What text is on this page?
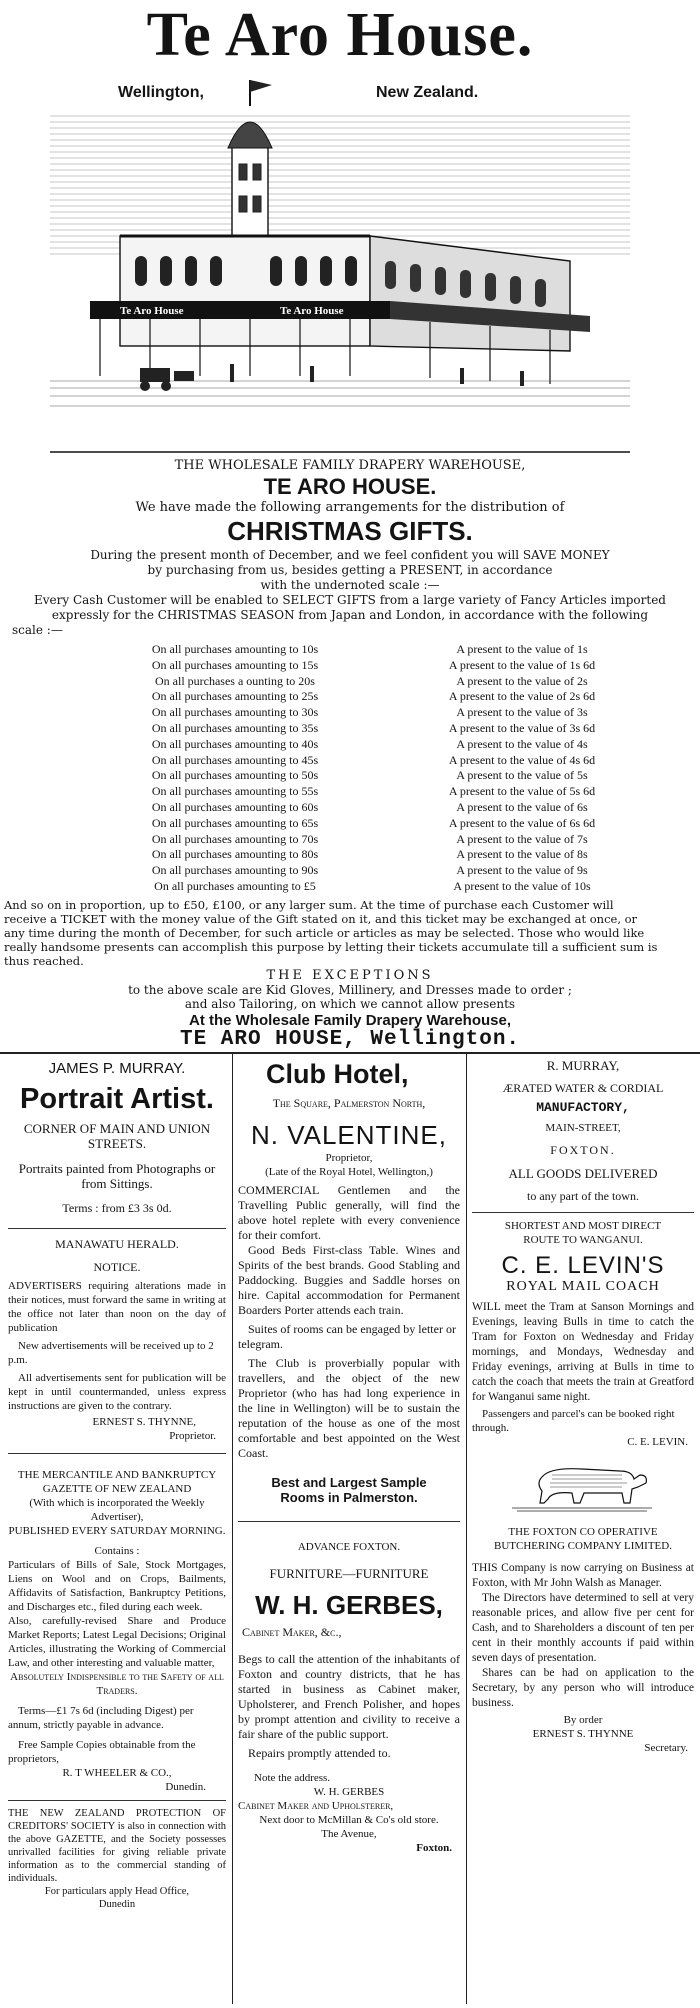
Te Aro House.
Te Aro House	Te Aro House
Wellington,	New Zealand.
THE WHOLESALE FAMILY DRAPERY WAREHOUSE,
TE ARO HOUSE.
We have made the following arrangements for the distribution of
CHRISTMAS GIFTS.
During the present month of December, and we feel confident you will SAVE MONEY
by purchasing from us, besides getting a PRESENT, in accordance
with the undernoted scale :—
Every Cash Customer will be enabled to SELECT GIFTS from a large variety of Fancy Articles imported
expressly for the CHRISTMAS SEASON from Japan and London, in accordance with the following
scale :—
On all purchases amounting to 10s	A present to the value of 1s
On all purchases amounting to 15s	A present to the value of 1s 6d
On all purchases a ounting to 20s	A present to the value of 2s
On all purchases amounting to 25s	A present to the value of 2s 6d
On all purchases amounting to 30s	A present to the value of 3s
On all purchases amounting to 35s	A present to the value of 3s 6d
On all purchases amounting to 40s	A present to the value of 4s
On all purchases amounting to 45s	A present to the value of 4s 6d
On all purchases amounting to 50s	A present to the value of 5s
On all purchases amounting to 55s	A present to the value of 5s 6d
On all purchases amounting to 60s	A present to the value of 6s
On all purchases amounting to 65s	A present to the value of 6s 6d
On all purchases amounting to 70s	A present to the value of 7s
On all purchases amounting to 80s	A present to the value of 8s
On all purchases amounting to 90s	A present to the value of 9s
On all purchases amounting to £5	A present to the value of 10s
And so on in proportion, up to £50, £100, or any larger sum. At the time of purchase each Customer will
receive a TICKET with the money value of the Gift stated on it, and this ticket may be exchanged at once, or
any time during the month of December, for such article or articles as may be selected. Those who would like
really handsome presents can accomplish this purpose by letting their tickets accumulate till a sufficient sum is
thus reached.
THE EXCEPTIONS
to the above scale are Kid Gloves, Millinery, and Dresses made to order ;
and also Tailoring, on which we cannot allow presents
At the Wholesale Family Drapery Warehouse,
TE ARO HOUSE, Wellington.
JAMES P. MURRAY.
Portrait Artist.
CORNER OF MAIN AND UNION STREETS.
Portraits painted from Photographs or from Sittings.
Terms : from £3 3s 0d.
MANAWATU HERALD.
NOTICE.
ADVERTISERS requiring alterations made in their notices, must forward the same in writing at the office not later than noon on the day of publication
New advertisements will be received up to 2 p.m.
All advertisements sent for publication will be kept in until countermanded, unless express instructions are given to the contrary.
ERNEST S. THYNNE,
Proprietor.
THE MERCANTILE AND BANKRUPTCY GAZETTE OF NEW ZEALAND
(With which is incorporated the Weekly Advertiser),
PUBLISHED EVERY SATURDAY MORNING.
Contains :
Particulars of Bills of Sale, Stock Mortgages, Liens on Wool and on Crops, Bailments, Affidavits of Satisfaction, Bankruptcy Petitions, and Discharges etc., filed during each week.
Also, carefully-revised Share and Produce Market Reports; Latest Legal Decisions; Original Articles, illustrating the Working of Commercial Law, and other interesting and valuable matter,
Absolutely Indispensible to the Safety of all Traders.
Terms—£1 7s 6d (including Digest) per annum, strictly payable in advance.
Free Sample Copies obtainable from the proprietors,
R. T WHEELER & CO.,
Dunedin.
THE NEW ZEALAND PROTECTION OF CREDITORS' SOCIETY is also in connection with the above GAZETTE, and the Society possesses unrivalled facilities for giving reliable private information as to the commercial standing of individuals.
For particulars apply Head Office,
Dunedin
Club Hotel,
The Square, Palmerston North,
N. VALENTINE,
Proprietor,
(Late of the Royal Hotel, Wellington,)
COMMERCIAL Gentlemen and the Travelling Public generally, will find the above hotel replete with every convenience for their comfort.
Good Beds First-class Table. Wines and Spirits of the best brands. Good Stabling and Paddocking. Buggies and Saddle horses on hire. Capital accommodation for Permanent Boarders Porter attends each train.
Suites of rooms can be engaged by letter or telegram.
The Club is proverbially popular with travellers, and the object of the new Proprietor (who has had long experience in the line in Wellington) will be to sustain the reputation of the house as one of the most comfortable and best appointed on the West Coast.
Best and Largest Sample Rooms in Palmerston.
ADVANCE FOXTON.
FURNITURE—FURNITURE
W. H. GERBES,
Cabinet Maker, &c.,
Begs to call the attention of the inhabitants of Foxton and country districts, that he has started in business as Cabinet maker, Upholsterer, and French Polisher, and hopes by prompt attention and civility to receive a fair share of the public support.
Repairs promptly attended to.
Note the address.
W. H. GERBES
Cabinet Maker and Upholsterer,
Next door to McMillan & Co's old store.
The Avenue,
Foxton.
R. MURRAY,
ÆRATED WATER & CORDIAL
MANUFACTORY,
MAIN-STREET,
FOXTON.
ALL GOODS DELIVERED
to any part of the town.
SHORTEST AND MOST DIRECT
ROUTE TO WANGANUI.
C. E. LEVIN'S
ROYAL MAIL COACH
WILL meet the Tram at Sanson Mornings and Evenings, leaving Bulls in time to catch the Tram for Foxton on Wednesday and Friday mornings, and Mondays, Wednesday and Friday evenings, arriving at Bulls in time to catch the coach that meets the train at Greatford for Wanganui same night.
Passengers and parcel's can be booked right through.
C. E. LEVIN.
THE FOXTON CO OPERATIVE BUTCHERING COMPANY LIMITED.
THIS Company is now carrying on Business at Foxton, with Mr John Walsh as Manager.
The Directors have determined to sell at very reasonable prices, and allow five per cent for Cash, and to Shareholders a discount of ten per cent in their monthly accounts if paid within seven days of presentation.
Shares can be had on application to the Secretary, by any person who will introduce business.
By order
ERNEST S. THYNNE
Secretary.
